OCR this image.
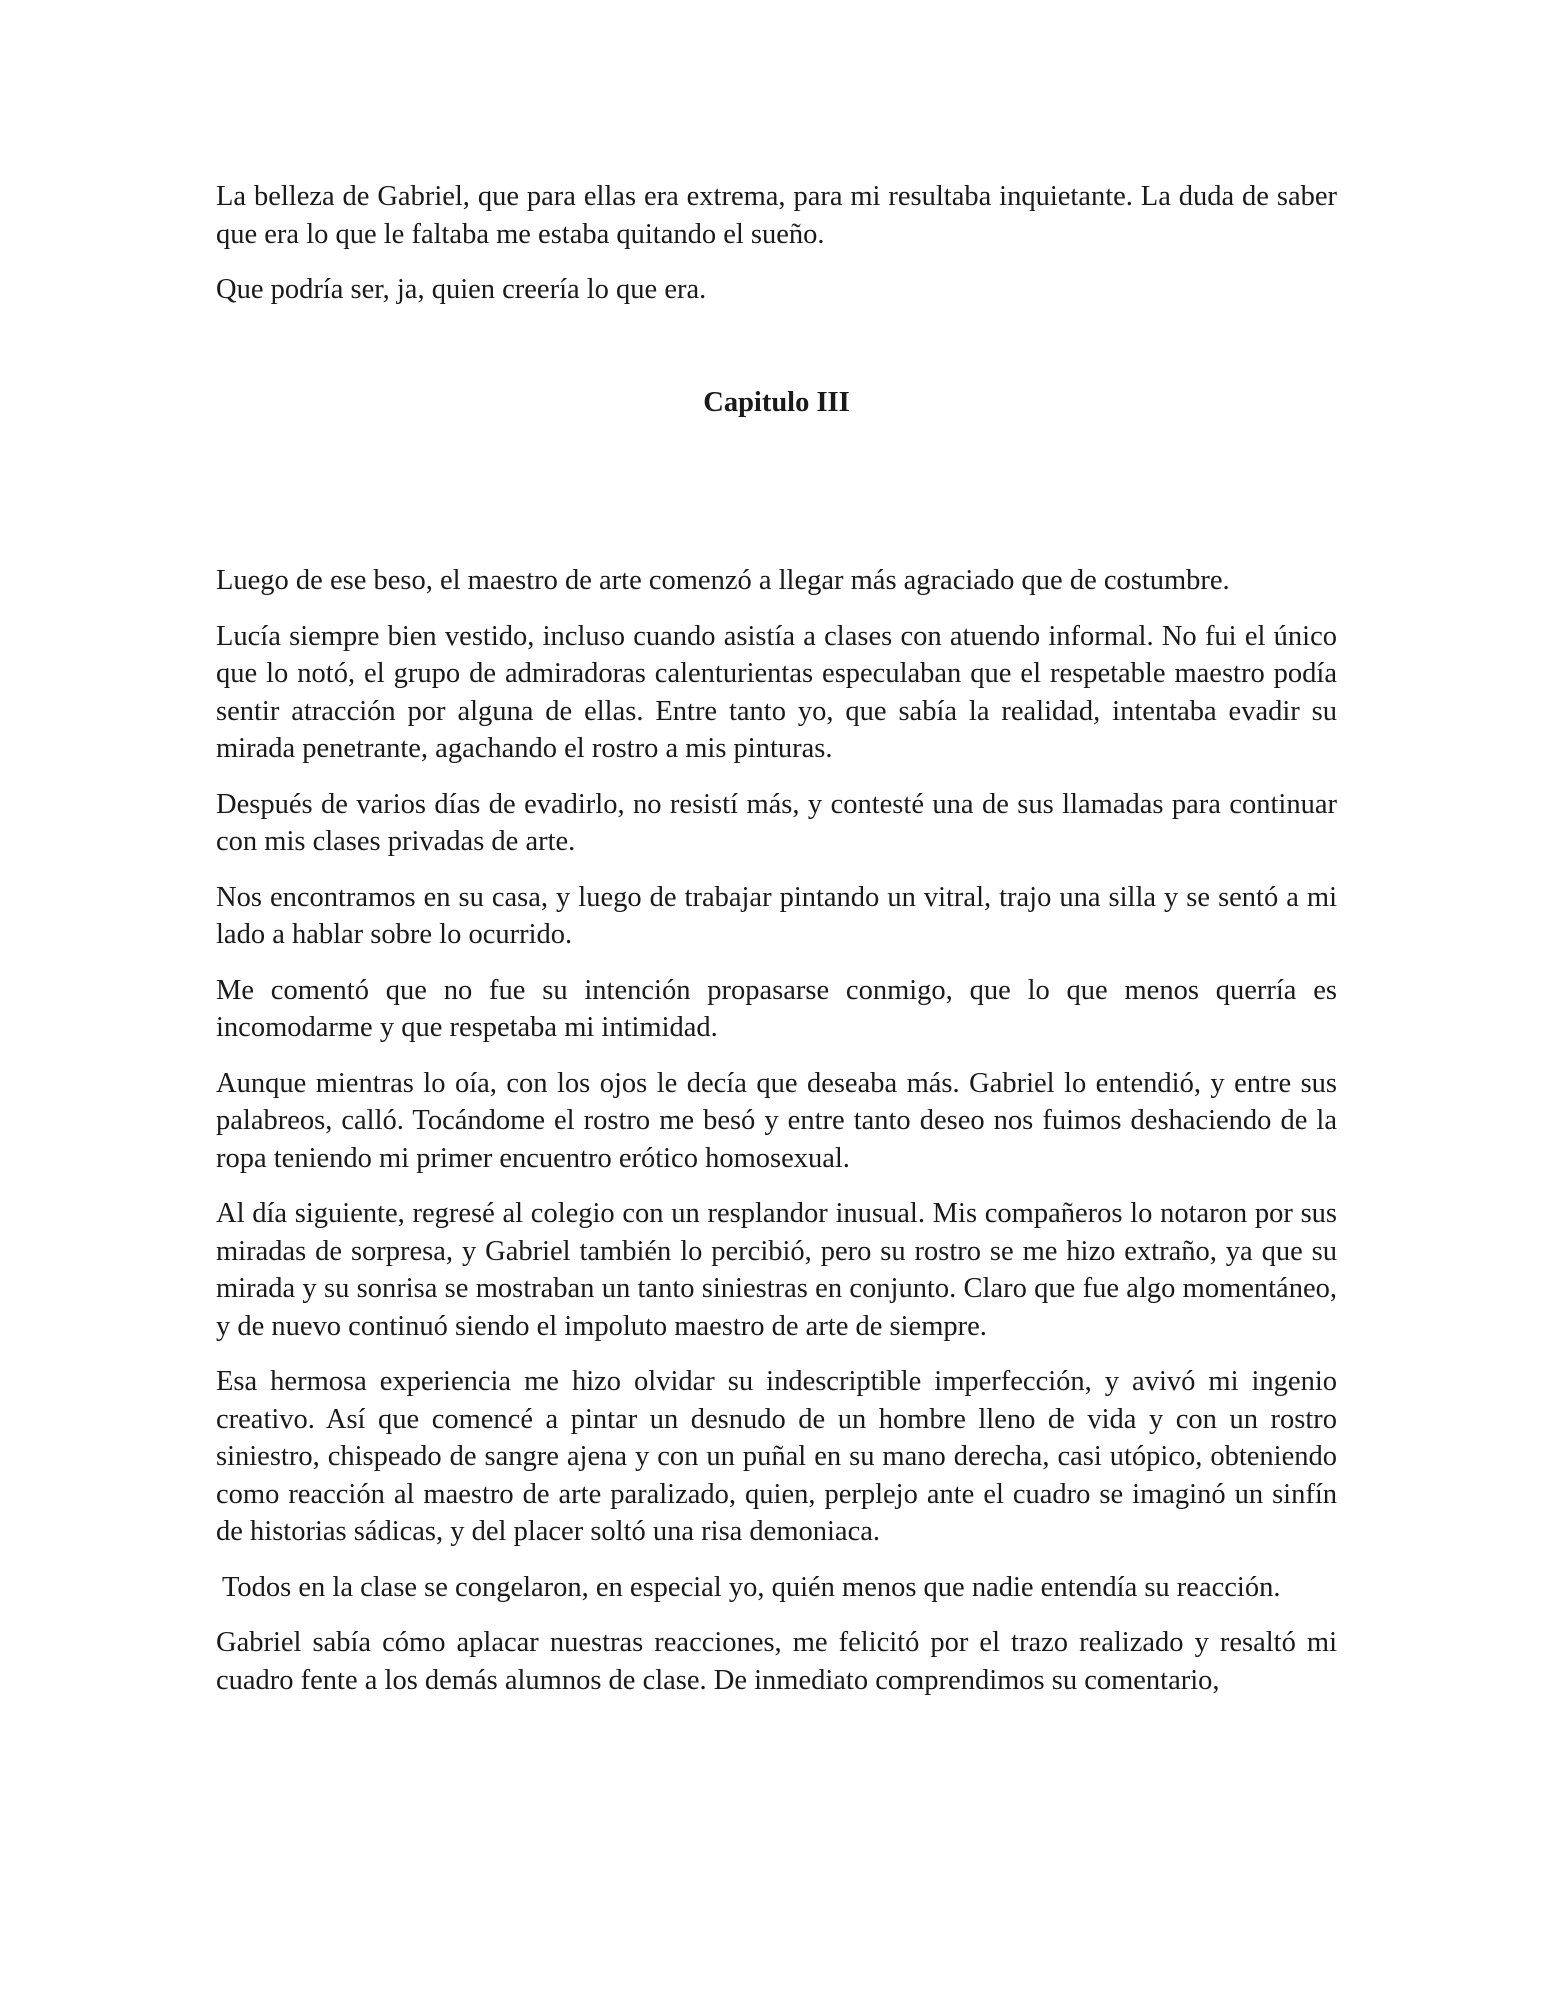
La belleza de Gabriel, que para ellas era extrema, para mi resultaba inquietante. La duda de saber que era lo que le faltaba me estaba quitando el sueño.

Que podría ser, ja, quien creería lo que era.

Capitulo III

Luego de ese beso, el maestro de arte comenzó a llegar más agraciado que de costumbre.

Lucía siempre bien vestido, incluso cuando asistía a clases con atuendo informal. No fui el único que lo notó, el grupo de admiradoras calenturientas especulaban que el respetable maestro podía sentir atracción por alguna de ellas. Entre tanto yo, que sabía la realidad, intentaba evadir su mirada penetrante, agachando el rostro a mis pinturas.

Después de varios días de evadirlo, no resistí más, y contesté una de sus llamadas para continuar con mis clases privadas de arte.

Nos encontramos en su casa, y luego de trabajar pintando un vitral, trajo una silla y se sentó a mi lado a hablar sobre lo ocurrido.

Me comentó que no fue su intención propasarse conmigo, que lo que menos querría es incomodarme y que respetaba mi intimidad.

Aunque mientras lo oía, con los ojos le decía que deseaba más. Gabriel lo entendió, y entre sus palabreos, calló. Tocándome el rostro me besó y entre tanto deseo nos fuimos deshaciendo de la ropa teniendo mi primer encuentro erótico homosexual.

Al día siguiente, regresé al colegio con un resplandor inusual. Mis compañeros lo notaron por sus miradas de sorpresa, y Gabriel también lo percibió, pero su rostro se me hizo extraño, ya que su mirada y su sonrisa se mostraban un tanto siniestras en conjunto. Claro que fue algo momentáneo, y de nuevo continuó siendo el impoluto maestro de arte de siempre.

Esa hermosa experiencia me hizo olvidar su indescriptible imperfección, y avivó mi ingenio creativo. Así que comencé a pintar un desnudo de un hombre lleno de vida y con un rostro siniestro, chispeado de sangre ajena y con un puñal en su mano derecha, casi utópico, obteniendo como reacción al maestro de arte paralizado, quien, perplejo ante el cuadro se imaginó un sinfín de historias sádicas, y del placer soltó una risa demoniaca.

Todos en la clase se congelaron, en especial yo, quién menos que nadie entendía su reacción.

Gabriel sabía cómo aplacar nuestras reacciones, me felicitó por el trazo realizado y resaltó mi cuadro fente a los demás alumnos de clase. De inmediato comprendimos su comentario,
